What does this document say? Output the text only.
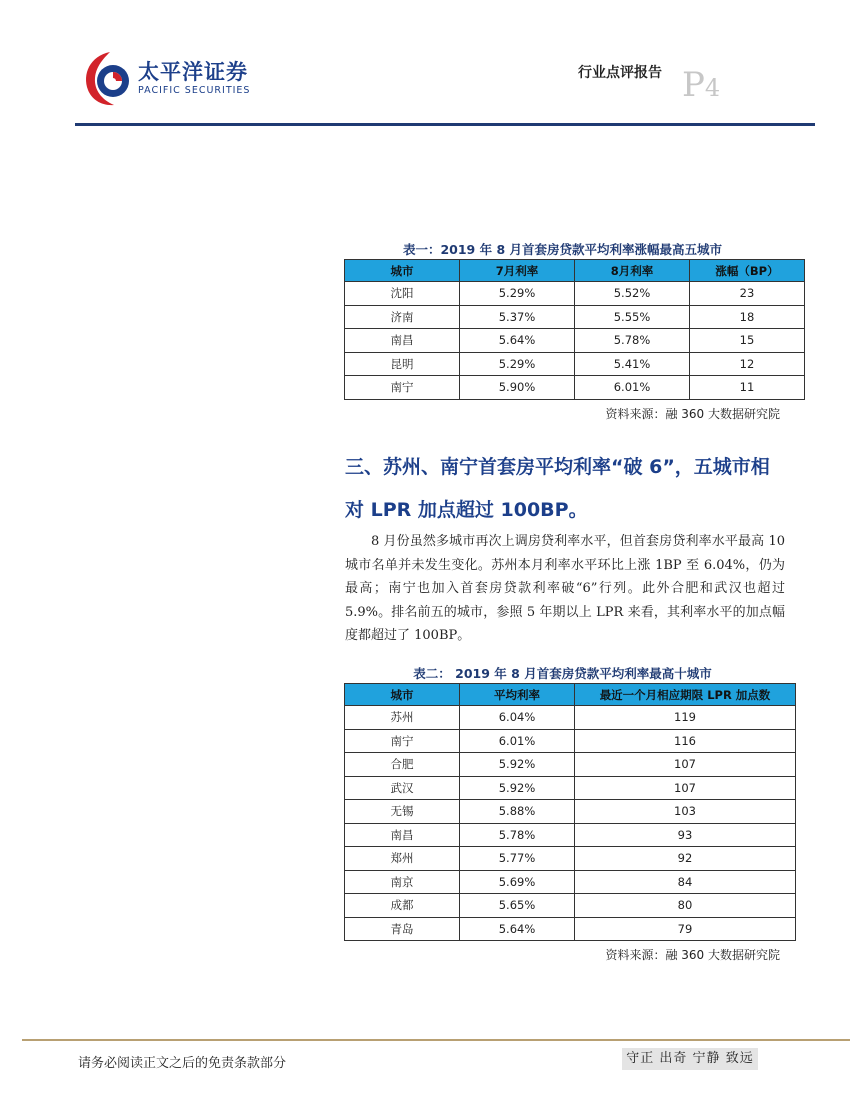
太平洋证券
PACIFIC SECURITIES
行业点评报告 P4
表一：2019 年 8 月首套房贷款平均利率涨幅最高五城市
城市	7月利率	8月利率	涨幅（BP）
沈阳	5.29%	5.52%	23
济南	5.37%	5.55%	18
南昌	5.64%	5.78%	15
昆明	5.29%	5.41%	12
南宁	5.90%	6.01%	11
资料来源：融 360 大数据研究院
三、苏州、南宁首套房平均利率“破 6”，五城市相
对 LPR 加点超过 100BP。
8 月份虽然多城市再次上调房贷利率水平，但首套房贷利率水平最高 10 城市名单并未发生变化。苏州本月利率水平环比上涨 1BP 至 6.04%，仍为最高；南宁也加入首套房贷款利率破“6”行列。此外合肥和武汉也超过 5.9%。排名前五的城市，参照 5 年期以上 LPR 来看，其利率水平的加点幅度都超过了 100BP。
表二： 2019 年 8 月首套房贷款平均利率最高十城市
城市	平均利率	最近一个月相应期限 LPR 加点数
苏州	6.04%	119
南宁	6.01%	116
合肥	5.92%	107
武汉	5.92%	107
无锡	5.88%	103
南昌	5.78%	93
郑州	5.77%	92
南京	5.69%	84
成都	5.65%	80
青岛	5.64%	79
资料来源：融 360 大数据研究院
请务必阅读正文之后的免责条款部分	守正 出奇 宁静 致远
